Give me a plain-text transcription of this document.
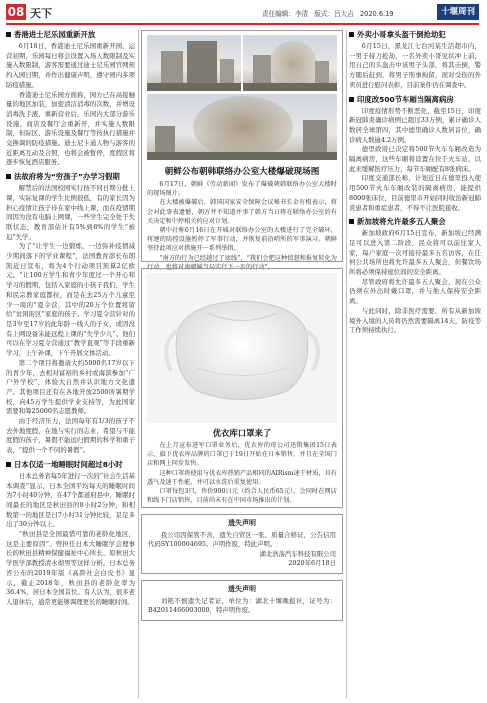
08 天下	责任编辑：李清 版式：吕大吉 2020.6.19	十堰周刊
香港进士尼乐园重新开放

6月18日，香港迪士尼乐园重新开园，运营初期，乐园每日将会设置入场人数限制及实施入数限制，游客需要通过迪士尼乐园官网预约入园日期，并作出健康声明，遵守园内多项防疫措施。

香港迪士尼乐园方面称，园方已在高接触量的地区加装，加密清洁消毒的次数，并增设消毒洗手液、重新营业后，乐园内大部分游乐设施、商店及餐厅会重新开，并实施人数限制，但际区、游乐设施及餐厅等按执行措施并交换调的防疫措施。迪士尼卡通人物与游客的近距离互动及合照，也将会被暂停，度假区将逐步恢复酒店服务。

法故府将为“穷孩子”办学习假期

解禁后的法国校园实行按不同日期分批上课，实际复课的学生比例很低，有的家长因为担心疫情让孩子待在家中线上课，而在疫情期间因为没有电脑上网课，一些学生完全处于失联状态，教育部估计有5%到8%的学生“被迫”失学。

为了“让学生一边锻炼，一边弥补疫情减少期间落下的学业课程”，法国教育部长布朗凯近日宣布，将为4个行动项目预算2亿欧元。“让100万学生和青少年度过一个开心和学习的假期，包括入家庭的小孩子我们，学生和民宗教家庭都拉，而是在去25万个儿童至少一周的”夏令营，其中的20万个位置将留给“贫困街区”家庭的孩子。学习夏令营针对的是3岁至17岁的此年龄一线人的子女，或因没有上网设备未能远程上课的“失学少儿”。他们可以在学习夏令营通过“教学直观”等手段重新学习，上午补课，下午开展文体活动。

第二个项目将邀请大约5000名17岁以下的青少年，去相对富裕的乡村或海滨参加“广户外学校”，体验大自然并认识地方文化遗产。其他项目还有在各地开放2500所暑期学校，向45万学生提供学业支持等，为此国家需要和筹25000名志愿教师。

由于经济压力，法国每年有1/3的孩子不去外地度假，在地与实行的志业，希望与不能度假的孩子，暑假不能远归假期的科学和重子表，“提供一个不同的暑假”。

日本仅适一地睡眠时间超过8小时

日本总务省每5年进行一次的“社会生活基本调查”显示，日本全国平均每天的睡眠时间为7小时40分钟，在47个都道府县中，睡眠时间最长的地区是秋田县的8小时2分钟，和相数第一的地区是日7小时31分钟比较，足足多出了30分钟以上。

“秋田县是全国最惜可靠的老龄化地区，这是主要原因”。曾担任日本大睡眠学会理事长的秋田县精神保健福祉中心所长、原秋田大学医学部教授清水彻男等这样分析。日本总务省公布的2019年版《高龄社会白皮书》显示，截止2018年，秋田县的老龄化率为36.4%，居日本全国首位。有人认为，很多老人退休后，通常更能够调理更长的睡眠时间。

朝鲜公布朝韩联络办公室大楼爆破现场图

6月17日，朝鲜《劳动新闻》发布了爆破朝韩联络办公室大楼时的现场图片。

在大楼被爆破后，韩国国家安全保障会议秘书长金有根表示，将会对此事表遗憾，朝方并不知道并事了韩方当日将在联络办公室的有关决定和中停相关的应对计划。

朝中社称6月16日在开城对联络办公室的大楼进行了完全破坏，将建的防控设施暂停了军事行动，并恢复前沿哨所的军事演习。朝鲜坚持此项应对措施开一系列举措。

“南方的行为已经越过了底线”，“我们会把这种愤怒和报复转化为行动，也将对南朝鲜当局实行下一步的行动”。

优衣库口罩来了

在上月宣布进军口罩业务后，优衣库的母公司迅销集团15日表示，旗下优衣库品牌的口罩已于19日开始在日本销售，并且在全国门店和网上同步发售。

这种口罩将使用与优衣库热销产品相同的AIRism速干材质，具有透气及速干性能，并可以水洗后重复使用。

口罩每包3只，售价990日元（约合人民币65元），会同时在网店和线下门店销售，目前尚未有在中国市场推出的计划。

遗失声明

我公司因保管不善，遗失自贸区一张、质量合格证，公告信用代码SY100004695。声明作废，特此声明。

湖北浩荡汽车科技有限公司

2020年6月18日

遗失声明

刘艳不慎遗失记者证，单位为：湖北十堰晚报社，证号为：B42011466003000，特声明作废。

外卖小哥拿头盔干倒抢劫犯

6月15日，黑龙江七台河某生活超市内，一男子持刀抢劫，一名外卖小哥见状冲上前，用自己的头盔击中该男子头部，将其击倒，警方随后赶到，将男子刑事拘留，现对受伤的外卖员进行慰问表彰，目前案件仍在调查中。

印度改500节车厢当隔离病房

印度疫情形势不断恶化，截至15日，印度新冠肺炎确诊病例已超过33万例，累计确诊人数居全球第四，其中德里确诊人数居首位，确诊病人数逾4.2万例。

德里政府已决定将500节火车车厢改造为隔离病房，这些车厢将设置在位于火车站，以此来缓解医疗压力，每节车厢配有8张病床。

印度交通部长称，计划近日在德里投入使用500节火车车厢改装的隔离病房，能提供8000张床位，目前德里市开始同时收治新冠肺炎患者和重症患者，不得不让医院接收。

新加坡将允许最多五人聚会

新加坡政府6月15日宣布，新加坡已经满足可以进入第二阶段，民众将可以前往家人家，每户家庭一次可接待最多五名访客，在任何公共场所也将允许最多五人聚会，但餐饮场所将必须保持座位间的安全距离。

尽管政府将允许最多五人聚会，现在公众仍须在外出时戴口罩，并与他人保持安全距离。

与此同时，除非医疗需要，所有从新加坡境外入境的人员将仍然需要隔离14天，防疫等工作须持续执行。
